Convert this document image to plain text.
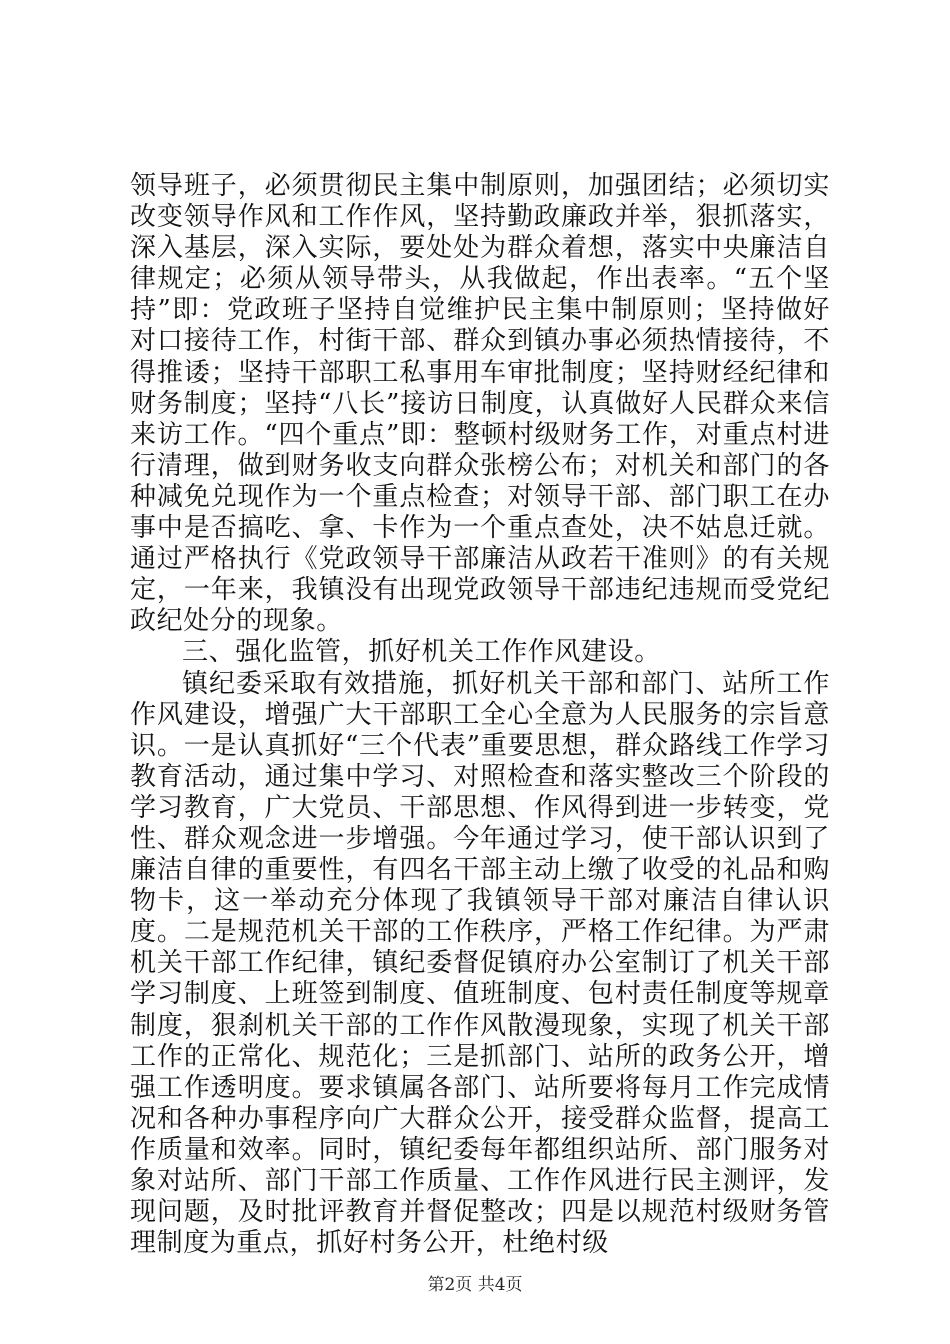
领导班子，必须贯彻民主集中制原则，加强团结；必须切实改变领导作风和工作作风，坚持勤政廉政并举，狠抓落实，深入基层，深入实际，要处处为群众着想，落实中央廉洁自律规定；必须从领导带头，从我做起，作出表率。“五个坚持”即：党政班子坚持自觉维护民主集中制原则；坚持做好对口接待工作，村街干部、群众到镇办事必须热情接待，不得推诿；坚持干部职工私事用车审批制度；坚持财经纪律和财务制度；坚持“八长”接访日制度，认真做好人民群众来信来访工作。“四个重点”即：整顿村级财务工作，对重点村进行清理，做到财务收支向群众张榜公布；对机关和部门的各种减免兑现作为一个重点检查；对领导干部、部门职工在办事中是否搞吃、拿、卡作为一个重点查处，决不姑息迁就。通过严格执行《党政领导干部廉洁从政若干准则》的有关规定，一年来，我镇没有出现党政领导干部违纪违规而受党纪政纪处分的现象。

三、强化监管，抓好机关工作作风建设。

镇纪委采取有效措施，抓好机关干部和部门、站所工作作风建设，增强广大干部职工全心全意为人民服务的宗旨意识。一是认真抓好“三个代表”重要思想，群众路线工作学习教育活动，通过集中学习、对照检查和落实整改三个阶段的学习教育，广大党员、干部思想、作风得到进一步转变，党性、群众观念进一步增强。今年通过学习，使干部认识到了廉洁自律的重要性，有四名干部主动上缴了收受的礼品和购物卡，这一举动充分体现了我镇领导干部对廉洁自律认识度。二是规范机关干部的工作秩序，严格工作纪律。为严肃机关干部工作纪律，镇纪委督促镇府办公室制订了机关干部学习制度、上班签到制度、值班制度、包村责任制度等规章制度，狠刹机关干部的工作作风散漫现象，实现了机关干部工作的正常化、规范化；三是抓部门、站所的政务公开，增强工作透明度。要求镇属各部门、站所要将每月工作完成情况和各种办事程序向广大群众公开，接受群众监督，提高工作质量和效率。同时，镇纪委每年都组织站所、部门服务对象对站所、部门干部工作质量、工作作风进行民主测评，发现问题，及时批评教育并督促整改；四是以规范村级财务管理制度为重点，抓好村务公开，杜绝村级

第2页 共4页
